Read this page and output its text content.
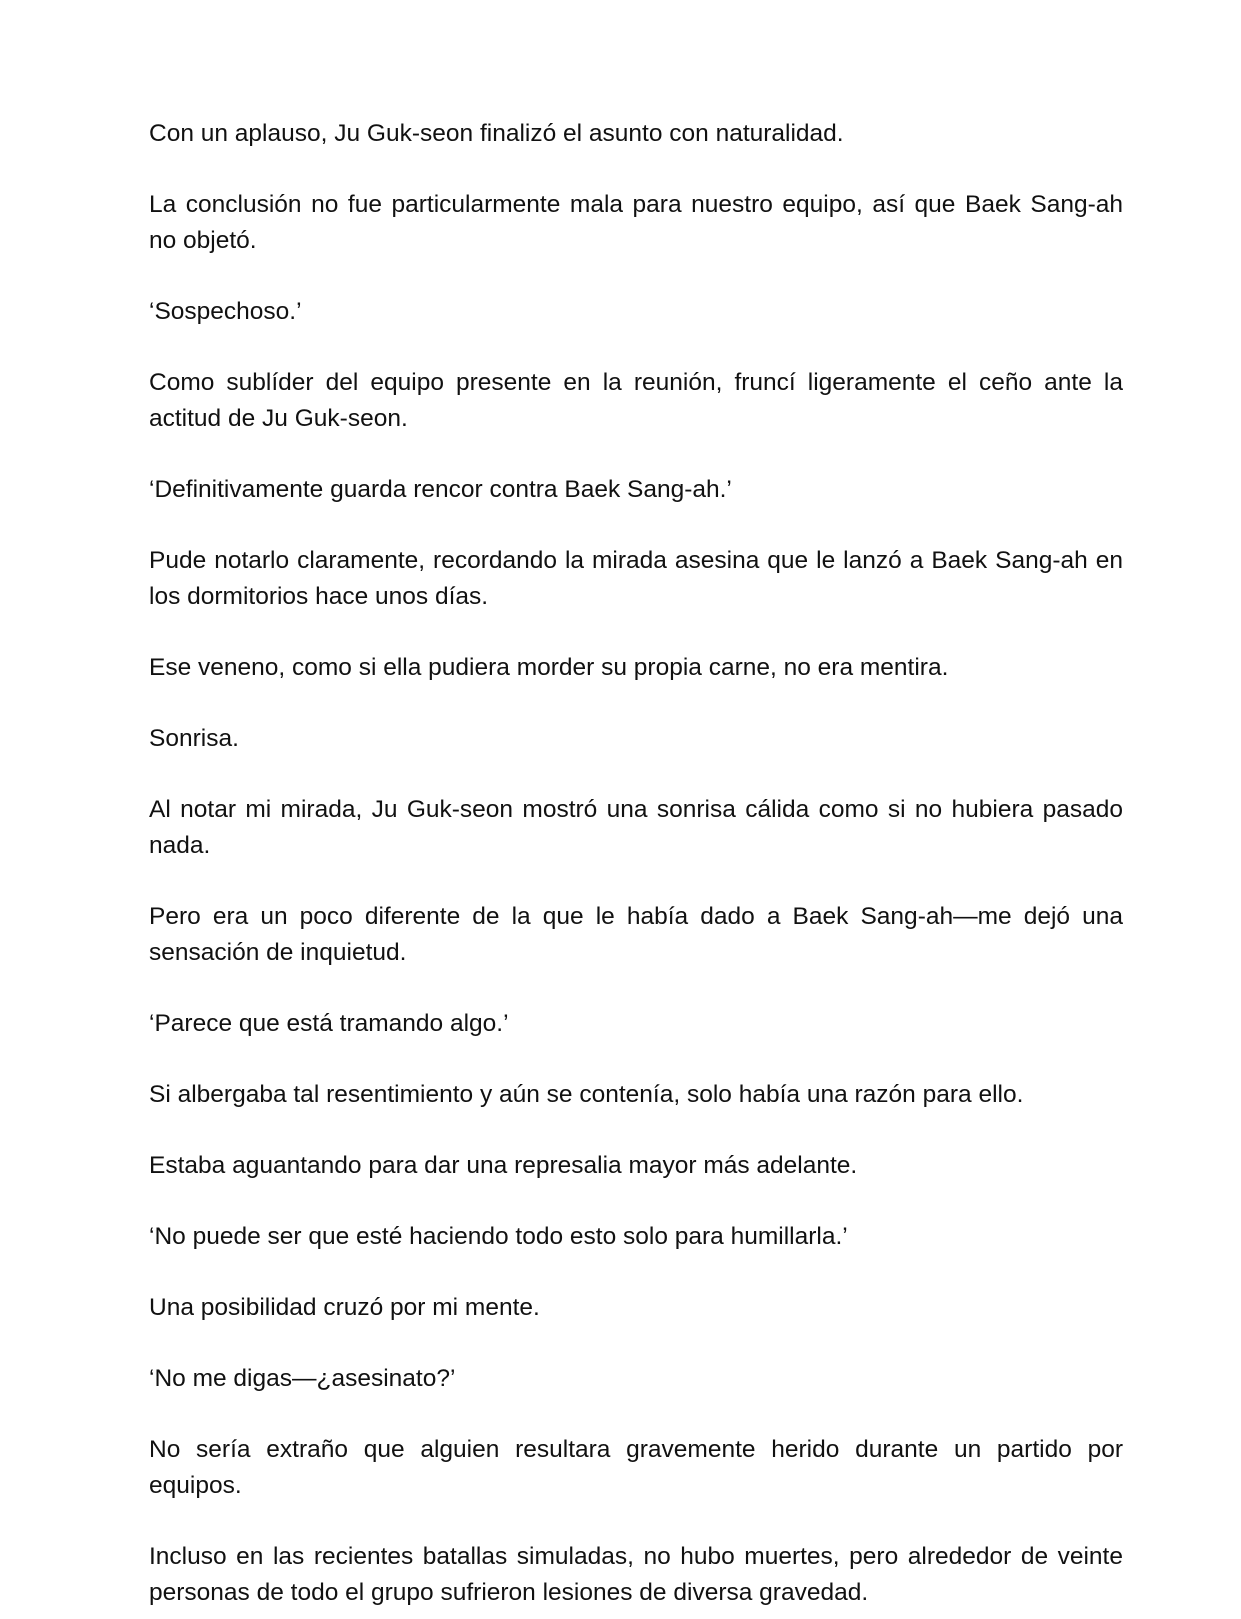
Con un aplauso, Ju Guk-seon finalizó el asunto con naturalidad.

La conclusión no fue particularmente mala para nuestro equipo, así que Baek Sang-ah no objetó.

‘Sospechoso.’

Como sublíder del equipo presente en la reunión, fruncí ligeramente el ceño ante la actitud de Ju Guk-seon.

‘Definitivamente guarda rencor contra Baek Sang-ah.’

Pude notarlo claramente, recordando la mirada asesina que le lanzó a Baek Sang-ah en los dormitorios hace unos días.

Ese veneno, como si ella pudiera morder su propia carne, no era mentira.

Sonrisa.

Al notar mi mirada, Ju Guk-seon mostró una sonrisa cálida como si no hubiera pasado nada.

Pero era un poco diferente de la que le había dado a Baek Sang-ah—me dejó una sensación de inquietud.

‘Parece que está tramando algo.’

Si albergaba tal resentimiento y aún se contenía, solo había una razón para ello.

Estaba aguantando para dar una represalia mayor más adelante.

‘No puede ser que esté haciendo todo esto solo para humillarla.’

Una posibilidad cruzó por mi mente.

‘No me digas—¿asesinato?’

No sería extraño que alguien resultara gravemente herido durante un partido por equipos.

Incluso en las recientes batallas simuladas, no hubo muertes, pero alrededor de veinte personas de todo el grupo sufrieron lesiones de diversa gravedad.
